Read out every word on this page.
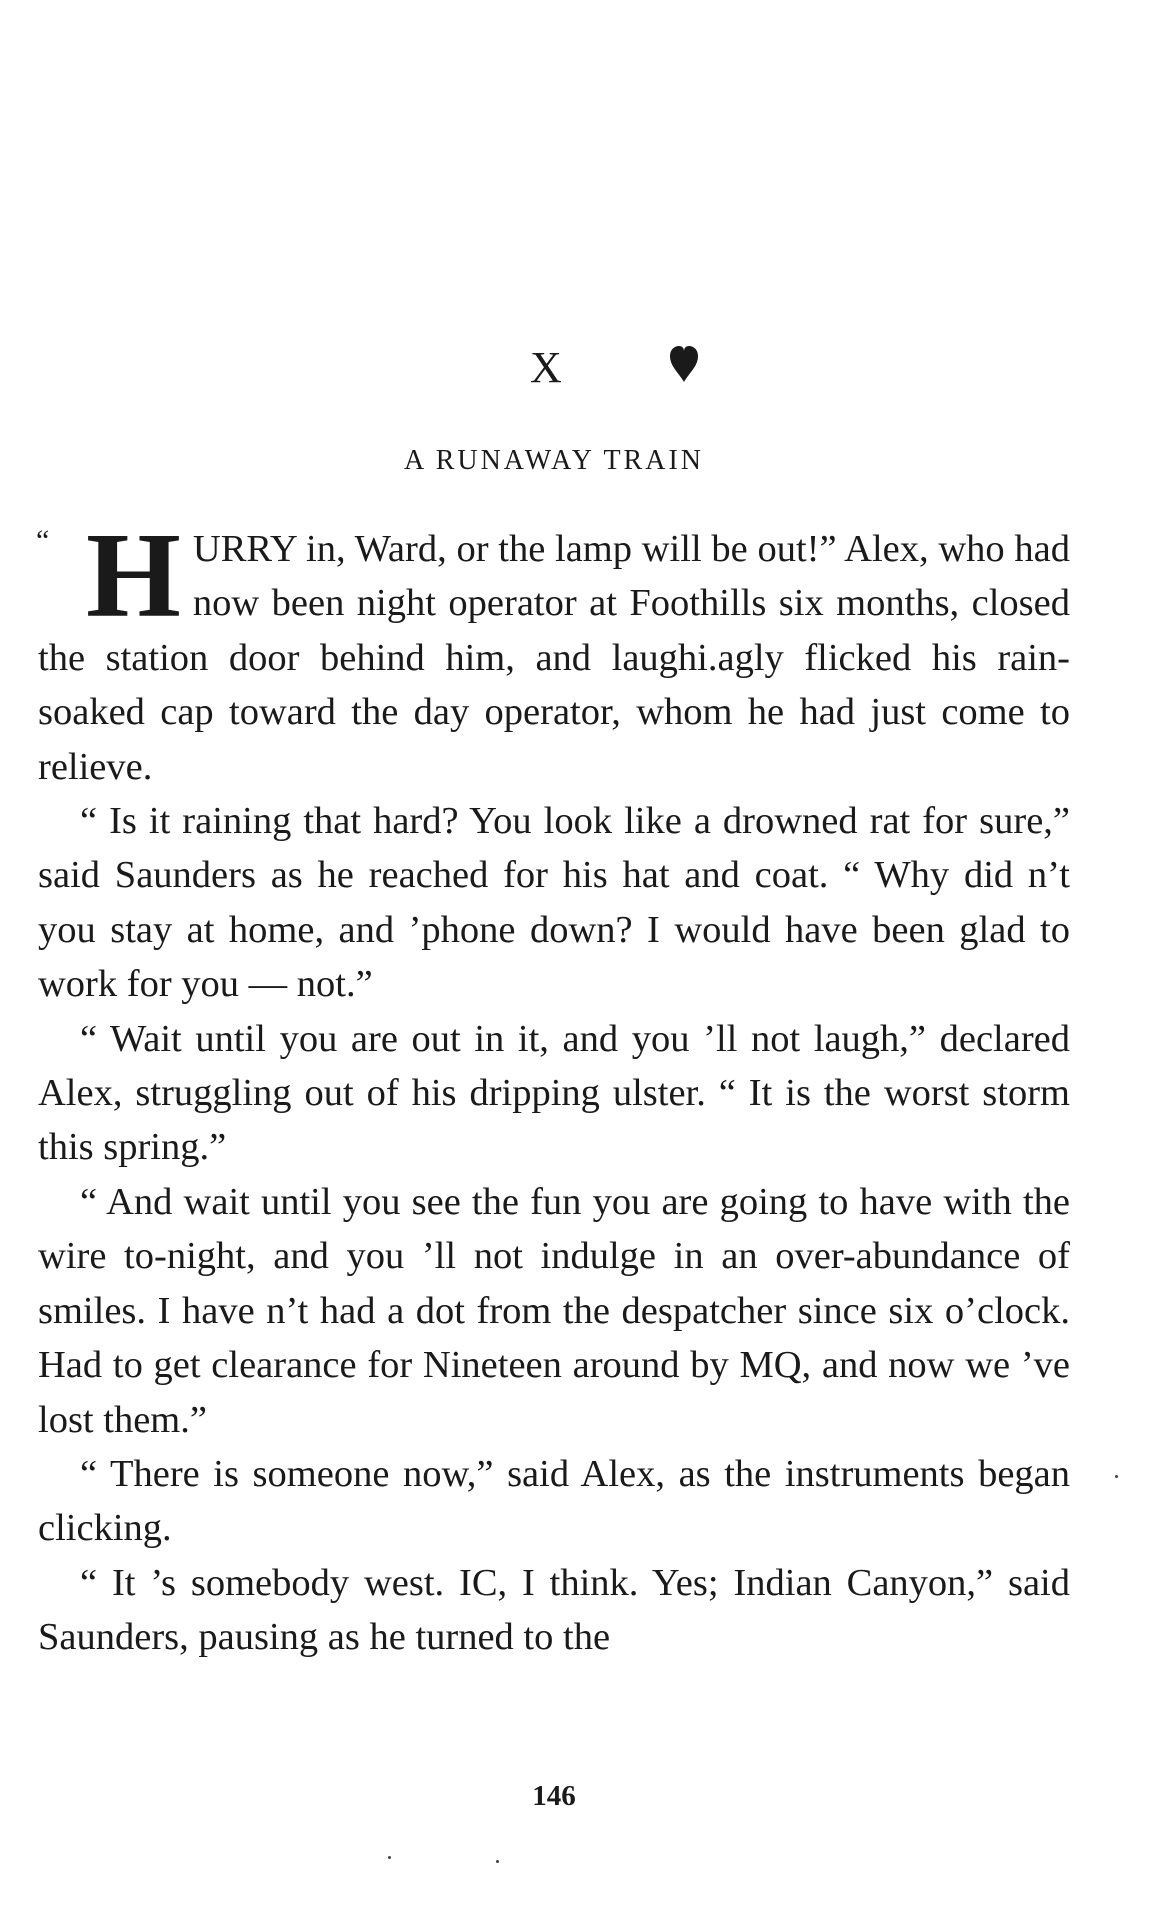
X
A RUNAWAY TRAIN

“ H URRY in, Ward, or the lamp will be out!” Alex, who had now been night operator at Foothills six months, closed the station door behind him, and laughi.agly flicked his rain-soaked cap toward the day operator, whom he had just come to relieve.

“ Is it raining that hard? You look like a drowned rat for sure,” said Saunders as he reached for his hat and coat. “ Why did n’t you stay at home, and ’phone down? I would have been glad to work for you — not.”

“ Wait until you are out in it, and you ’ll not laugh,” declared Alex, struggling out of his dripping ulster. “ It is the worst storm this spring.”

“ And wait until you see the fun you are going to have with the wire to-night, and you ’ll not indulge in an over-abundance of smiles. I have n’t had a dot from the despatcher since six o’clock. Had to get clearance for Nineteen around by MQ, and now we ’ve lost them.”

“ There is someone now,” said Alex, as the instruments began clicking.

“ It ’s somebody west. IC, I think. Yes; Indian Canyon,” said Saunders, pausing as he turned to the

146
